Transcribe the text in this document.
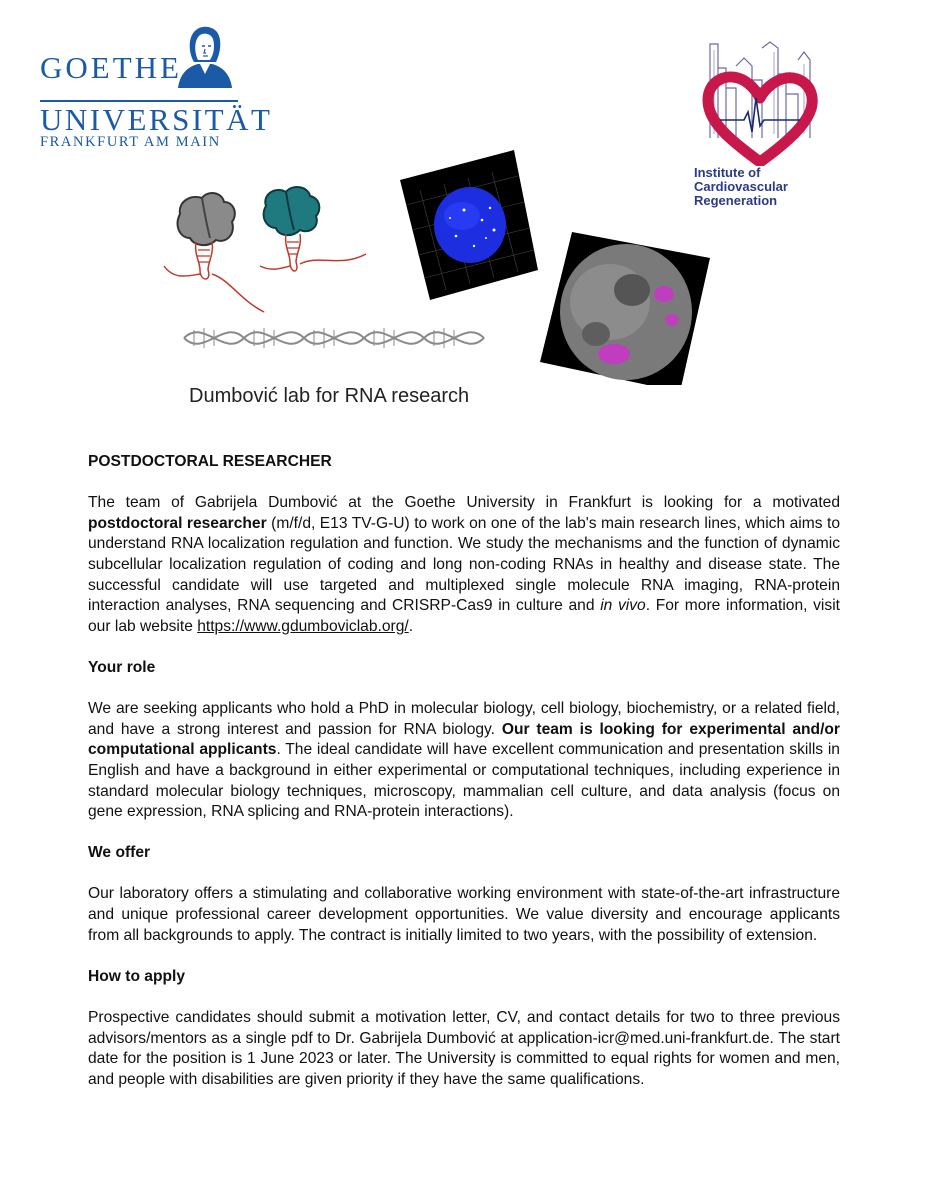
GOETHE
UNIVERSITÄT
FRANKFURT AM MAIN
Institute of
Cardiovascular
Regeneration
Dumbović lab for RNA research

POSTDOCTORAL RESEARCHER

The team of Gabrijela Dumbović at the Goethe University in Frankfurt is looking for a motivated postdoctoral researcher (m/f/d, E13 TV-G-U) to work on one of the lab's main research lines, which aims to understand RNA localization regulation and function. We study the mechanisms and the function of dynamic subcellular localization regulation of coding and long non-coding RNAs in healthy and disease state. The successful candidate will use targeted and multiplexed single molecule RNA imaging, RNA-protein interaction analyses, RNA sequencing and CRISRP-Cas9 in culture and in vivo. For more information, visit our lab website https://www.gdumboviclab.org/.

Your role

We are seeking applicants who hold a PhD in molecular biology, cell biology, biochemistry, or a related field, and have a strong interest and passion for RNA biology. Our team is looking for experimental and/or computational applicants. The ideal candidate will have excellent communication and presentation skills in English and have a background in either experimental or computational techniques, including experience in standard molecular biology techniques, microscopy, mammalian cell culture, and data analysis (focus on gene expression, RNA splicing and RNA-protein interactions).

We offer

Our laboratory offers a stimulating and collaborative working environment with state-of-the-art infrastructure and unique professional career development opportunities. We value diversity and encourage applicants from all backgrounds to apply. The contract is initially limited to two years, with the possibility of extension.

How to apply

Prospective candidates should submit a motivation letter, CV, and contact details for two to three previous advisors/mentors as a single pdf to Dr. Gabrijela Dumbović at application-icr@med.uni-frankfurt.de. The start date for the position is 1 June 2023 or later. The University is committed to equal rights for women and men, and people with disabilities are given priority if they have the same qualifications.
